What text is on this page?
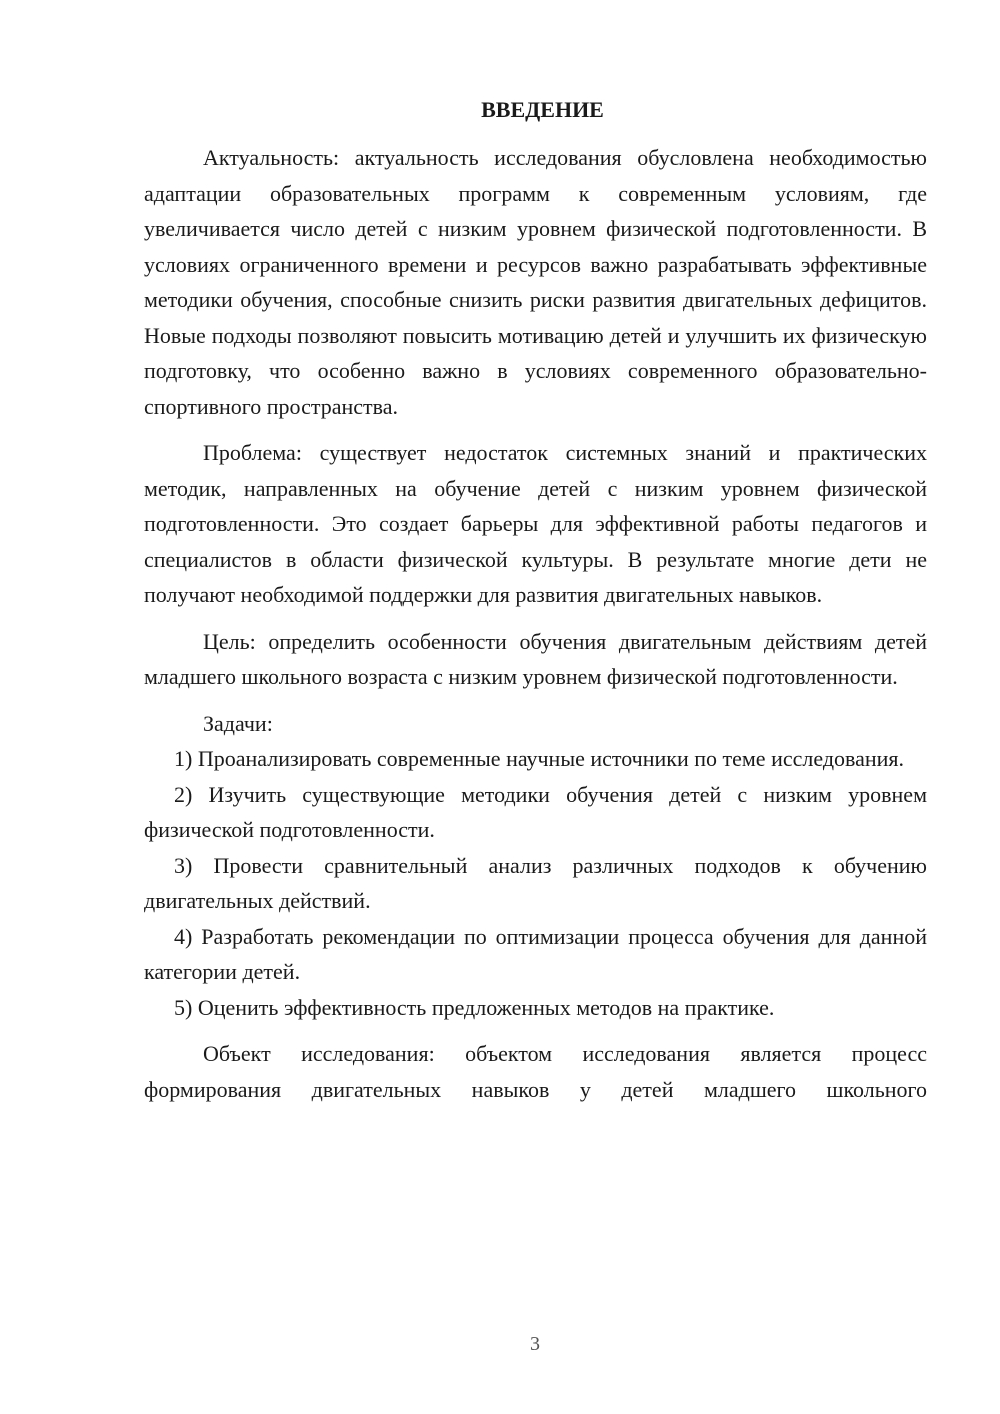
ВВЕДЕНИЕ

Актуальность: актуальность исследования обусловлена необходимостью адаптации образовательных программ к современным условиям, где увеличивается число детей с низким уровнем физической подготовленности. В условиях ограниченного времени и ресурсов важно разрабатывать эффективные методики обучения, способные снизить риски развития двигательных дефицитов. Новые подходы позволяют повысить мотивацию детей и улучшить их физическую подготовку, что особенно важно в условиях современного образовательно-спортивного пространства.

Проблема: существует недостаток системных знаний и практических методик, направленных на обучение детей с низким уровнем физической подготовленности. Это создает барьеры для эффективной работы педагогов и специалистов в области физической культуры. В результате многие дети не получают необходимой поддержки для развития двигательных навыков.

Цель: определить особенности обучения двигательным действиям детей младшего школьного возраста с низким уровнем физической подготовленности.

Задачи:

1) Проанализировать современные научные источники по теме исследования.

2) Изучить существующие методики обучения детей с низким уровнем физической подготовленности.

3) Провести сравнительный анализ различных подходов к обучению двигательных действий.

4) Разработать рекомендации по оптимизации процесса обучения для данной категории детей.

5) Оценить эффективность предложенных методов на практике.

Объект исследования: объектом исследования является процесс формирования двигательных навыков у детей младшего школьного

3
